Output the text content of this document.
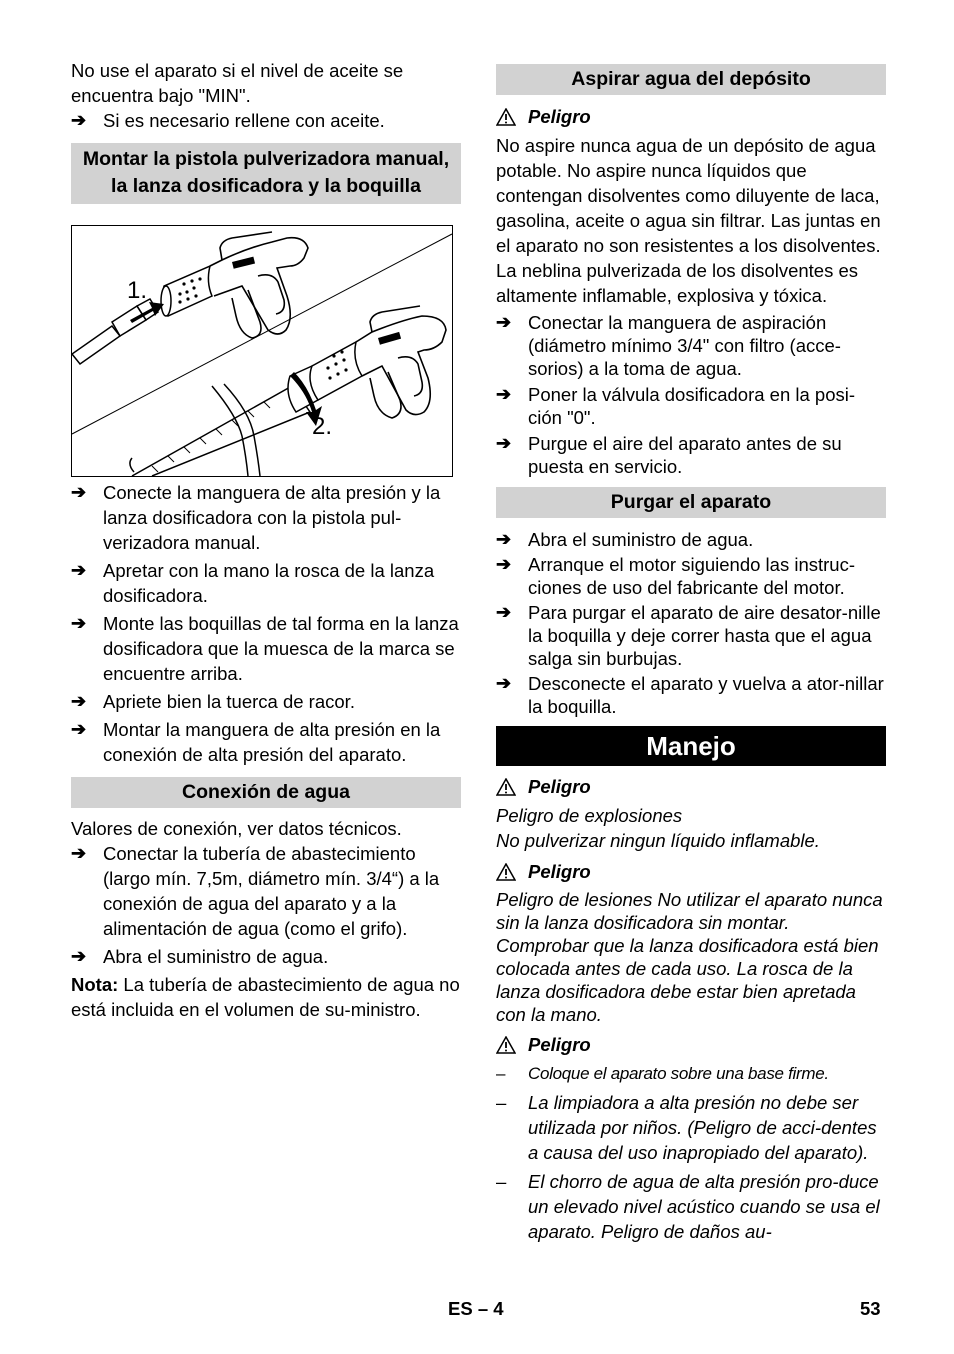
No use el aparato si el nivel de aceite se encuentra bajo "MIN".

➔ Si es necesario rellene con aceite.
Montar la pistola pulverizadora manual, la lanza dosificadora y la boquilla
1.
2.
➔ Conecte la manguera de alta presión y la lanza dosificadora con la pistola pul-verizadora manual.
➔ Apretar con la mano la rosca de la lanza dosificadora.
➔ Monte las boquillas de tal forma en la lanza dosificadora que la muesca de la marca se encuentre arriba.
➔ Apriete bien la tuerca de racor.
➔ Montar la manguera de alta presión en la conexión de alta presión del aparato.
Conexión de agua

Valores de conexión, ver datos técnicos.

➔ Conectar la tubería de abastecimiento (largo mín. 7,5m, diámetro mín. 3/4“) a la conexión de agua del aparato y a la alimentación de agua (como el grifo).
➔ Abra el suministro de agua.

Nota: La tubería de abastecimiento de agua no está incluida en el volumen de su-ministro.

Aspirar agua del depósito
Peligro

No aspire nunca agua de un depósito de agua potable. No aspire nunca líquidos que contengan disolventes como diluyente de laca, gasolina, aceite o agua sin filtrar. Las juntas en el aparato no son resistentes a los disolventes. La neblina pulverizada de los disolventes es altamente inflamable, explosiva y tóxica.

➔ Conectar la manguera de aspiración (diámetro mínimo 3/4" con filtro (acce-sorios) a la toma de agua.
➔ Poner la válvula dosificadora en la posi-ción "0".
➔ Purgue el aire del aparato antes de su puesta en servicio.
Purgar el aparato
➔ Abra el suministro de agua.
➔ Arranque el motor siguiendo las instruc-ciones de uso del fabricante del motor.
➔ Para purgar el aparato de aire desator-nille la boquilla y deje correr hasta que el agua salga sin burbujas.
➔ Desconecte el aparato y vuelva a ator-nillar la boquilla.
Manejo
Peligro

Peligro de explosiones
No pulverizar ningun líquido inflamable.

Peligro

Peligro de lesiones No utilizar el aparato nunca sin la lanza dosificadora sin montar. Comprobar que la lanza dosificadora está bien colocada antes de cada uso. La rosca de la lanza dosificadora debe estar bien apretada con la mano.

Peligro
–	Coloque el aparato sobre una base firme.
–	La limpiadora a alta presión no debe ser utilizada por niños. (Peligro de acci-dentes a causa del uso inapropiado del aparato).
–	El chorro de agua de alta presión pro-duce un elevado nivel acústico cuando se usa el aparato. Peligro de daños au-
ES – 4	53
